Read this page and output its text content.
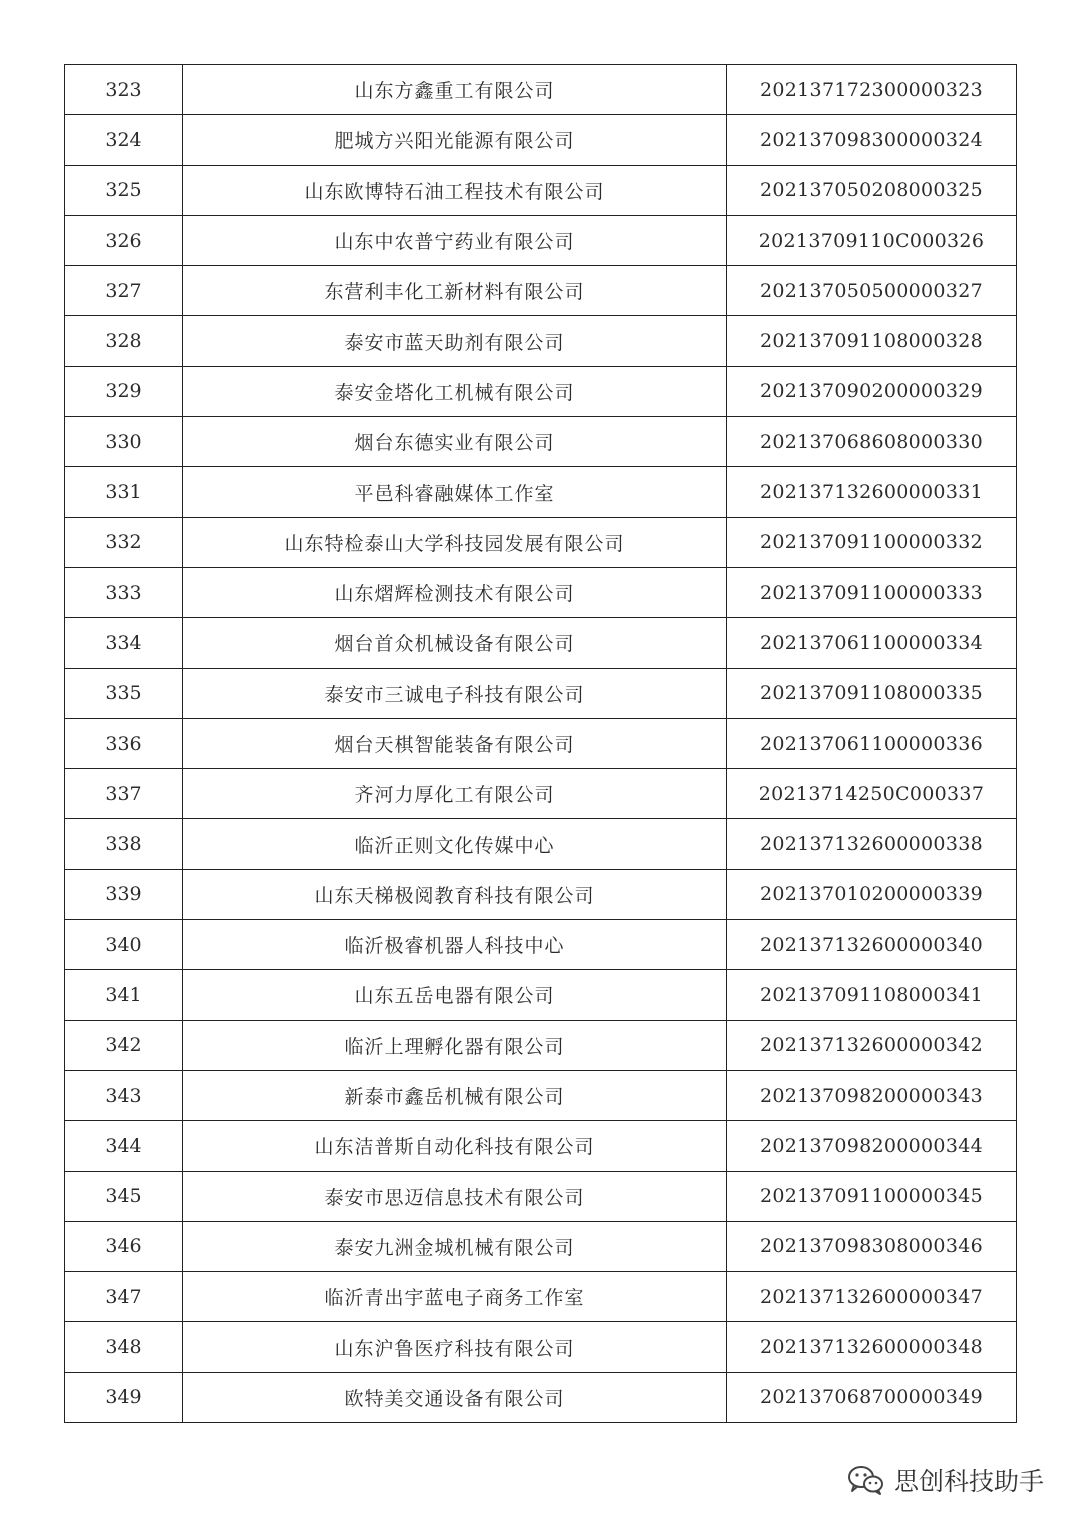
323	山东方鑫重工有限公司	202137172300000323
324	肥城方兴阳光能源有限公司	202137098300000324
325	山东欧博特石油工程技术有限公司	202137050208000325
326	山东中农普宁药业有限公司	20213709110C000326
327	东营利丰化工新材料有限公司	202137050500000327
328	泰安市蓝天助剂有限公司	202137091108000328
329	泰安金塔化工机械有限公司	202137090200000329
330	烟台东德实业有限公司	202137068608000330
331	平邑科睿融媒体工作室	202137132600000331
332	山东特检泰山大学科技园发展有限公司	202137091100000332
333	山东熠辉检测技术有限公司	202137091100000333
334	烟台首众机械设备有限公司	202137061100000334
335	泰安市三诚电子科技有限公司	202137091108000335
336	烟台天棋智能装备有限公司	202137061100000336
337	齐河力厚化工有限公司	20213714250C000337
338	临沂正则文化传媒中心	202137132600000338
339	山东天梯极阅教育科技有限公司	202137010200000339
340	临沂极睿机器人科技中心	202137132600000340
341	山东五岳电器有限公司	202137091108000341
342	临沂上理孵化器有限公司	202137132600000342
343	新泰市鑫岳机械有限公司	202137098200000343
344	山东洁普斯自动化科技有限公司	202137098200000344
345	泰安市思迈信息技术有限公司	202137091100000345
346	泰安九洲金城机械有限公司	202137098308000346
347	临沂青出宇蓝电子商务工作室	202137132600000347
348	山东沪鲁医疗科技有限公司	202137132600000348
349	欧特美交通设备有限公司	202137068700000349
思创科技助手
